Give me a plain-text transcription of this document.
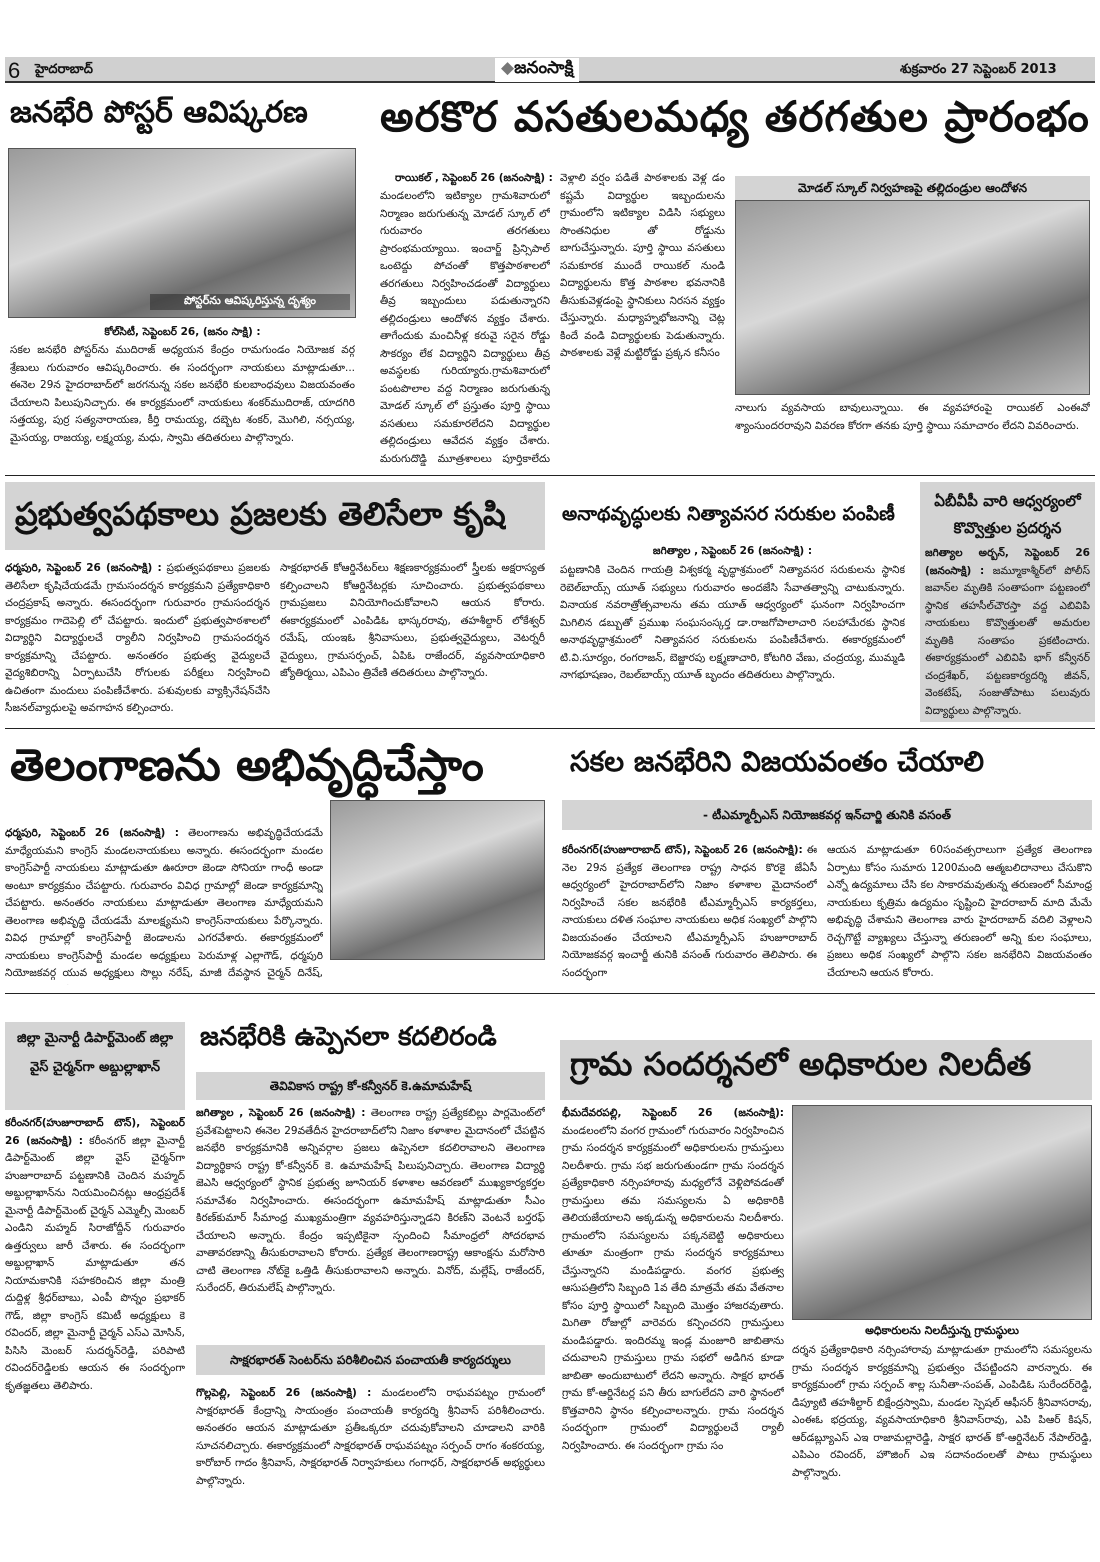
6 హైదరాబాద్	◆జనంసాక్షి	శుక్రవారం 27 సెప్టెంబర్ 2013
జనభేరి పోస్టర్ ఆవిష్కరణ
పోస్టర్‌ను ఆవిష్కరిస్తున్న దృశ్యం
కోల్‌సిటీ, సెప్టెంబర్ 26, (జనం సాక్షి) :
సకల జనభేరి పోస్టర్‌ను ముదిరాజ్ అధ్యయన కేంద్రం రామగుండం నియోజక వర్గ శ్రేణులు గురువారం ఆవిష్కరించారు. ఈ సందర్భంగా నాయకులు మాట్లాడుతూ... ఈనెల 29న హైదరాబాద్‌లో జరగనున్న సకల జనభేరి కులబాంధవులు విజయవంతం చేయాలని పిలుపునిచ్చారు. ఈ కార్యక్రమంలో నాయకులు శంకర్‌ముదిరాజ్, యాదగిరి సత్తయ్య, పుర్ర సత్యనారాయణ, కీర్తి రామయ్య, దబ్బెట శంకర్, మొగిలి, నర్సయ్య, మైసయ్య, రాజయ్య, లక్ష్మయ్య, మధు, స్వామి తదితరులు పాల్గొన్నారు.
అరకొర వసతులమధ్య తరగతుల ప్రారంభం
రాయికల్ , సెప్టెంబర్ 26 (జనంసాక్షి) :
మండలంలోని ఇటిక్యాల గ్రామశివారులో నిర్మాణం జరుగుతున్న మోడల్ స్కూల్ లో గురువారం తరగతులు ప్రారంభమయ్యాయి. ఇంచార్జ్ ప్రిన్సిపాల్ ఒంటెద్దు పోచంతో కొత్తపాఠశాలలో తరగతులు నిర్వహించడంతో విద్యార్థులు తీవ్ర ఇబ్బందులు పడుతున్నారని తల్లిదండ్రులు ఆందోళన వ్యక్తం చేశారు. తాగేందుకు మంచినీళ్ల కరువై సరైన రోడ్డు సౌకర్యం లేక విద్యార్థిని విద్యార్థులు తీవ్ర అవస్థలకు గురియ్యారు.గ్రామశివారులో పంటపొలాల వద్ద నిర్మాణం జరుగుతున్న మోడల్ స్కూల్ లో ప్రస్తుతం పూర్తి స్థాయి వసతులు సమకూరలేదని విద్యార్థుల తల్లిదండ్రులు ఆవేదన వ్యక్తం చేశారు. మరుగుదొడ్డి మూత్రశాలలు పూర్తికాలేదు
వెళ్లాలి వర్షం పడితే పాఠశాలకు వెళ్ల డం కష్టమే విద్యార్థుల ఇబ్బందులను గ్రామంలోని ఇటిక్యాల విడిసి సభ్యులు సొంతనిధుల తో రోడ్డును బాగుచేస్తున్నారు. పూర్తి స్థాయి వసతులు సమకూరక ముందే రాయికల్ నుండి విద్యార్థులను కొత్త పాఠశాల భవనానికి తీసుకువెళ్లడంపై స్థానికులు నిరసన వ్యక్తం చేస్తున్నారు. మధ్యాహ్నభోజనాన్ని చెట్ల కిందే వండి విద్యార్థులకు పెడుతున్నారు. పాఠశాలకు వెళ్లే మట్టిరోడ్డు ప్రక్కన కనీసం
మోడల్ స్కూల్ నిర్వహణపై తల్లిదండ్రుల ఆందోళన
నాలుగు వ్యవసాయ బావులున్నాయి. ఈ వ్యవహారంపై రాయికల్ ఎంఈవో శ్యాంసుందరరావుని వివరణ కోరగా తనకు పూర్తి స్థాయి సమాచారం లేదని వివరించారు.
ప్రభుత్వపథకాలు ప్రజలకు తెలిసేలా కృషి
ధర్మపురి, సెప్టెంబర్ 26 (జనంసాక్షి) : ప్రభుత్వపథకాలు ప్రజలకు తెలిసేలా కృషిచేయడమే గ్రామసందర్శన కార్యక్రమని ప్రత్యేకాధికారి చంద్రప్రకాష్ అన్నారు. ఈసందర్భంగా గురువారం గ్రామసందర్శన కార్యక్రమం గాదెపెల్లి లో చేపట్టారు. ఇందులో ప్రభుత్వపాఠశాలలో విద్యార్థిని విద్యార్థులచే ర్యాలీని నిర్వహించి గ్రామసందర్శన కార్యక్రమాన్ని చేపట్టారు. అనంతరం ప్రభుత్వ వైద్యులచే వైద్యశిబిరాన్ని ఏర్పాటుచేసి రోగులకు పరీక్షలు నిర్వహించి ఉచితంగా మందులు పంపిణీచేశారు. పశువులకు వ్యాక్సినేషన్‌చేసి సీజనల్‌వ్యాధులపై అవగాహన కల్పించారు.
సాక్షరభారత్ కోఆర్డినేటర్‌లు శిక్షణకార్యక్రమంలో స్త్రీలకు అక్షరాస్యత కల్పించాలని కోఆర్డినేటర్లకు సూచించారు. ప్రభుత్వపథకాలు గ్రామప్రజలు వినియోగించుకోవాలని ఆయన కోరారు. ఈకార్యక్రమంలో ఎంపిడిఓ భాస్కరరావు, తహశీల్దార్ లోకేశ్వర్ రమేష్, యంఇఓ శ్రీనివాసులు, ప్రభుత్వవైద్యులు, వెటర్నరీ వైద్యులు, గ్రామసర్పంచ్, ఏపిఓ రాజేందర్, వ్యవసాయాధికారి జ్యోతిర్మయి, ఎపిఎం త్రివేణి తదితరులు పాల్గొన్నారు.
అనాథవృద్ధులకు నిత్యావసర సరుకుల పంపిణీ
జగిత్యాల , సెప్టెంబర్ 26 (జనంసాక్షి) :
పట్టణానికి చెందిన గాయత్రి విశ్వకర్మ వృద్ధాశ్రమంలో నిత్యావసర సరుకులను స్థానిక రెబెల్‌బాయ్స్ యూత్ సభ్యులు గురువారం అందజేసి సేవాతత్వాన్ని చాటుకున్నారు. వినాయక నవరాత్రోత్సవాలను తమ యూత్ ఆధ్వర్యంలో ఘనంగా నిర్వహించగా మిగిలిన డబ్బుతో ప్రముఖ సంఘసంస్కర్త డా.రాజగోపాలాచారి సలహామేరకు స్థానిక అనాథవృద్ధాశ్రమంలో నిత్యావసర సరుకులను పంపిణీచేశారు. ఈకార్యక్రమంలో టి.వి.సూర్యం, రంగరాజన్, బెజ్జారపు లక్ష్మణాచారి, కోటగిరి వేణు, చంద్రయ్య, ముమ్మడి నాగభూషణం, రెబల్‌బాయ్స్ యూత్ బృందం తదితరులు పాల్గొన్నారు.
ఏబీవీపీ వారి ఆధ్వర్యంలో కొవ్వొత్తుల ప్రదర్శన
జగిత్యాల అర్బన్, సెప్టెంబర్ 26 (జనంసాక్షి) : జమ్మూకాశ్మీర్‌లో పోలీస్ జవాన్‌ల మృతికి సంతాపంగా పట్టణంలో స్థానిక తహసీల్‌చౌరస్తా వద్ద ఎబివిపి నాయకులు కొవ్వొత్తులతో అమరుల మృతికి సంతాపం ప్రకటించారు. ఈకార్యక్రమంలో ఎబివిపి భాగ్ కన్వీనర్ చంద్రశేఖర్, పట్టణకార్యదర్శి జీవన్, వెంకటేష్, సంజుతోపాటు పలువురు విద్యార్థులు పాల్గొన్నారు.
తెలంగాణను అభివృద్ధిచేస్తాం
ధర్మపురి, సెప్టెంబర్ 26 (జనంసాక్షి) : తెలంగాణను అభివృద్ధిచేయడమే మాధ్యేయమని కాంగ్రెస్ మండలనాయకులు అన్నారు. ఈసందర్భంగా మండల కాంగ్రెస్‌పార్టీ నాయకులు మాట్లాడుతూ ఊరూరా జెండా సోనియా గాంధీ అండా అంటూ కార్యక్రమం చేపట్టారు. గురువారం వివిధ గ్రామాల్లో జెండా కార్యక్రమాన్ని చేపట్టారు. అనంతరం నాయకులు మాట్లాడుతూ తెలంగాణ మాధ్యేయమని తెలంగాణ అభివృద్ధి చేయడమే మాలక్ష్యమని కాంగ్రెస్‌నాయకులు పేర్కొన్నారు. వివిధ గ్రామాల్లో కాంగ్రెస్‌పార్టీ జెండాలను ఎగరవేశారు. ఈకార్యక్రమంలో నాయకులు కాంగ్రెస్‌పార్టీ మండల అధ్యక్షులు పెరుమాళ్ల ఎల్లాగౌడ్, ధర్మపురి నియోజకవర్గ యువ అధ్యక్షులు సొల్లు నరేష్, మాజీ దేవస్థాన చైర్మన్ దినేష్,
సకల జనభేరిని విజయవంతం చేయాలి
- టీఎమ్మార్పీఎస్ నియోజకవర్గ ఇన్‌చార్జి తునికి వసంత్
కరీంనగర్(హుజూరాబాద్ టౌన్), సెప్టెంబర్ 26 (జనంసాక్షి): ఈ నెల 29న ప్రత్యేక తెలంగాణ రాష్ట్ర సాధన కొరకై జేఏసీ ఆధ్వర్యంలో హైదరాబాద్‌లోని నిజాం కళాశాల మైదానంలో నిర్వహించే సకల జనభేరికి టీఎమ్మార్పీఎస్ కార్యకర్తలు, నాయకులు దళిత సంఘాల నాయకులు అధిక సంఖ్యలో పాల్గొని విజయవంతం చేయాలని టీఎమ్మార్పీఎస్ హుజూరాబాద్ నియోజకవర్గ ఇంచార్జీ తునికి వసంత్ గురువారం తెలిపారు. ఈ సందర్భంగా
ఆయన మాట్లాడుతూ 60సంవత్సరాలుగా ప్రత్యేక తెలంగాణ ఏర్పాటు కోసం సుమారు 1200మంది ఆత్మబలిదానాలు చేసుకొని ఎన్నో ఉద్యమాలు చేసి కల సాకారమవుతున్న తరుణంలో సీమాంధ్ర నాయకులు కృత్రిమ ఉద్యమం సృష్టించి హైదరాబాద్ మాది మేమే అభివృద్ధి చేశామని తెలంగాణ వారు హైదరాబాద్ వదిలి వెళ్లాలని రెచ్చగొట్టే వ్యాఖ్యలు చేస్తున్నా తరుణంలో అన్ని కుల సంఘాలు, ప్రజలు అధిక సంఖ్యలో పాల్గొని సకల జనభేరిని విజయవంతం చేయాలని ఆయన కోరారు.
జిల్లా మైనార్టీ డిపార్ట్‌మెంట్ జిల్లా వైస్ చైర్మన్‌గా అబ్దుల్లాఖాన్
కరీంనగర్(హుజూరాబాద్ టౌన్), సెప్టెంబర్ 26 (జనంసాక్షి) : కరీంనగర్ జిల్లా మైనార్టీ డిపార్ట్‌మెంట్ జిల్లా వైస్ చైర్మన్‌గా హుజూరాబాద్ పట్టణానికి చెందిన మహ్మద్ అబ్దుల్లాఖాన్‌ను నియమించినట్లు ఆంధ్రప్రదేశ్ మైనార్టీ డిపార్ట్‌మెంట్ చైర్మన్ ఎమ్మెల్సీ మెంబర్ ఎండిని మహ్మద్ సిరాజోద్దీన్ గురువారం ఉత్తర్వులు జారీ చేశారు. ఈ సందర్భంగా అబ్దుల్లాఖాన్ మాట్లాడుతూ తన నియామకానికి సహకరించిన జిల్లా మంత్రి దుద్దిళ్ల శ్రీధర్‌బాబు, ఎంపీ పొన్నం ప్రభాకర్ గౌడ్, జిల్లా కాంగ్రెస్ కమిటీ అధ్యక్షులు కె రవిందర్, జిల్లా మైనార్టీ చైర్మన్ ఎస్ఎ మోసిన్, పిసిసి మెంబర్ సుదర్శన్‌రెడ్డి, పరిపాటి రవిందర్‌రెడ్డిలకు ఆయన ఈ సందర్భంగా కృతజ్ఞతలు తెలిపారు.
జనభేరికి ఉప్పెనలా కదలిరండి
తెవివికాస రాష్ట్ర కో-కన్వీనర్ కె.ఉమామహేష్
జగిత్యాల , సెప్టెంబర్ 26 (జనంసాక్షి) : తెలంగాణ రాష్ట్ర ప్రత్యేకబిల్లు పార్లమెంట్‌లో ప్రవేశపెట్టాలని ఈనెల 29వతేదీన హైదరాబాద్‌లోని నిజాం కళాశాల మైదానంలో చేపట్టిన జనభేరి కార్యక్రమానికి అన్నివర్గాల ప్రజలు ఉప్పెనలా కదలిరావాలని తెలంగాణ విద్యార్థికాస రాష్ట్ర కో-కన్వీనర్ కె. ఉమామహేష్ పిలుపునిచ్చారు. తెలంగాణ విద్యార్థి జెఎసి ఆధ్వర్యంలో స్థానిక ప్రభుత్వ జూనియర్ కళాశాల ఆవరణలో ముఖ్యకార్యకర్తల సమావేశం నిర్వహించారు. ఈసందర్భంగా ఉమామహేష్ మాట్లాడుతూ సీఎం కిరణ్‌కుమార్ సీమాంధ్ర ముఖ్యమంత్రిగా వ్యవహరిస్తున్నాడని కిరణ్‌ని వెంటనే బర్తరఫ్ చేయాలని అన్నారు. కేంద్రం ఇప్పటికైనా స్పందించి సీమాంధ్రలో సోదరభావ వాతావరణాన్ని తీసుకురావాలని కోరారు. ప్రత్యేక తెలంగాణరాష్ట్ర ఆకాంక్షను మరోసారి చాటి తెలంగాణ నోట్‌కై ఒత్తిడి తీసుకురావాలని అన్నారు. వినోద్, మల్లేష్, రాజేందర్, సురేందర్, తిరుమలేష్ పాల్గొన్నారు.
సాక్షరభారత్ సెంటర్‌ను పరిశీలించిన పంచాయతీ కార్యదర్శులు
గొల్లపెల్లి, సెప్టెంబర్ 26 (జనంసాక్షి) : మండలంలోని రాఘవపట్నం గ్రామంలో సాక్షరభారత్ కేంద్రాన్ని సాయంత్రం పంచాయతీ కార్యదర్శి శ్రీనివాస్ పరిశీలించారు. అనంతరం ఆయన మాట్లాడుతూ ప్రతీఒక్కరూ చదువుకోవాలని చూడాలని వారికి సూచనలిచ్చారు. ఈకార్యక్రమంలో సాక్షరభారత్ రాఘవపట్నం సర్పంచ్ రాగం శంకరయ్య, కారోబార్ గాదం శ్రీనివాస్, సాక్షరభారత్ నిర్వాహకులు గంగాధర్, సాక్షరభారత్ అభ్యర్థులు పాల్గొన్నారు.
గ్రామ సందర్శనలో అధికారుల నిలదీత
భీమదేవరపల్లి, సెప్టెంబర్ 26 (జనంసాక్షి): మండలంలోని వంగర గ్రామంలో గురువారం నిర్వహించిన గ్రామ సందర్శన కార్యక్రమంలో అధికారులను గ్రామస్తులు నిలదీశారు. గ్రామ సభ జరుగుతుండగా గ్రామ సందర్శన ప్రత్యేకాధికారి నర్సింహారావు మధ్యలోనే వెళ్లిపోవడంతో గ్రామస్తులు తమ సమస్యలను ఏ అధికారికి తెలియజేయాలని అక్కడున్న అధికారులను నిలదీశారు. గ్రామంలోని సమస్యలను పక్కనబెట్టి అధికారులు తూతూ మంత్రంగా గ్రామ సందర్శన కార్యక్రమాలు చేస్తున్నారని మండిపడ్డారు. వంగర ప్రభుత్వ ఆసుపత్రిలోని సిబ్బంది 1వ తేది మాత్రమే తమ వేతనాల కోసం పూర్తి స్థాయిలో సిబ్బంది మొత్తం హాజరవుతారు. మిగితా రోజుల్లో వారెవరు కన్పించరని గ్రామస్తులు మండిపడ్డారు. ఇందిరమ్మ ఇండ్ల మంజూరి జాబితాను చదువాలని గ్రామస్తులు గ్రామ సభలో అడిగిన కూడా జాబితా అందుబాటులో లేదని అన్నారు. సాక్షర భారత్ గ్రామ కో-ఆర్డినేటర్ల పని తీరు బాగులేదని వారి స్థానంలో కొత్తవారిని స్థానం కల్పించాలన్నారు. గ్రామ సందర్శన సందర్భంగా గ్రామంలో విద్యార్థులచే ర్యాలీ నిర్వహించారు. ఈ సందర్భంగా గ్రామ సం
అధికారులను నిలదీస్తున్న గ్రామస్థులు
దర్శన ప్రత్యేకాధికారి నర్సింహారావు మాట్లాడుతూ గ్రామంలోని సమస్యలను గ్రామ సందర్శన కార్యక్రమాన్ని ప్రభుత్వం చేపట్టిందని వారన్నారు. ఈ కార్యక్రమంలో గ్రామ సర్పంచ్ శాల్ల సునీతా-సంపత్, ఎంపిడిఓ సురేందర్‌రెడ్డి, డిప్యూటి తహశీల్దార్ బిక్షేంద్రస్వామి, మండల స్పెషల్ ఆఫీసర్ శ్రీనివాసరావు, ఎంఈఓ భద్రయ్య, వ్యవసాయాధికారి శ్రీనివాస్‌రావు, ఎపి పిఆర్ కిషన్, ఆర్‌డబ్ల్యూఎస్ ఎఇ రాజామల్లారెడ్డి, సాక్షర భారత్ కో-ఆర్డినేటర్ నేపాల్‌రెడ్డి, ఎపిఎం రవిందర్, హౌజింగ్ ఎఇ సదానందంలతో పాటు గ్రామస్థులు పాల్గొన్నారు.
